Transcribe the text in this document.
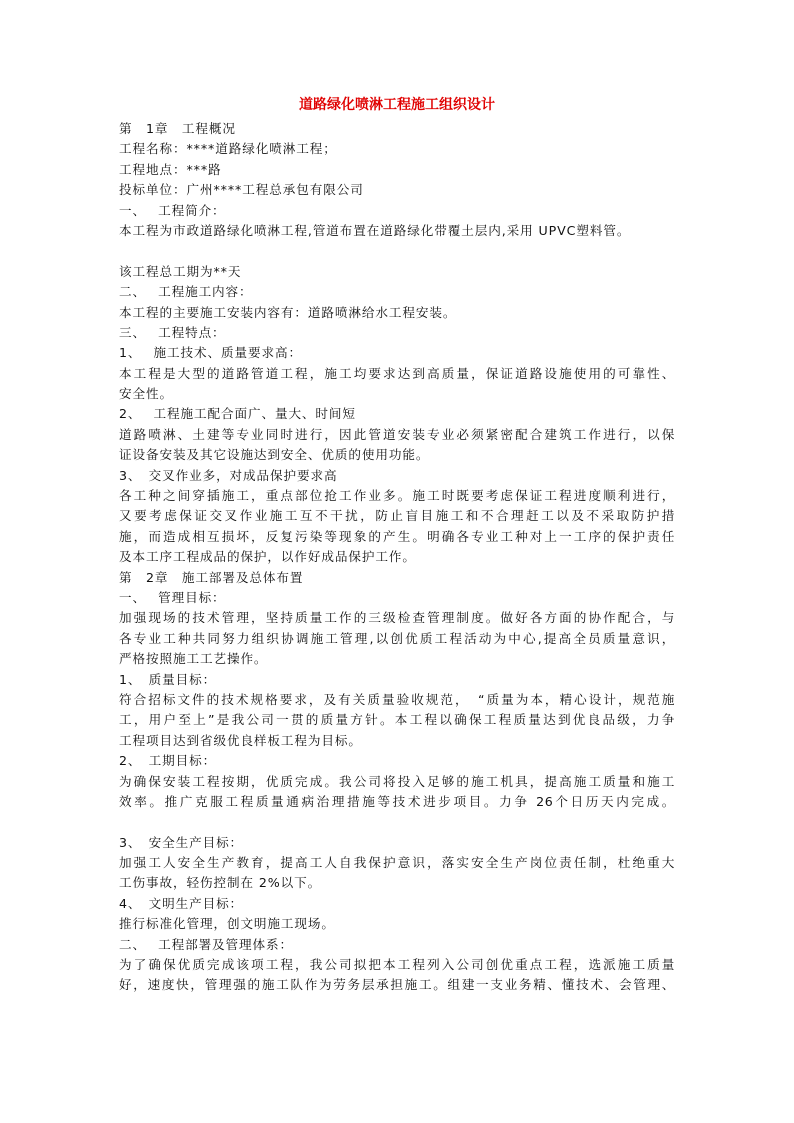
道路绿化喷淋工程施工组织设计
第　1章　工程概况
工程名称：****道路绿化喷淋工程；
工程地点：***路
投标单位：广州****工程总承包有限公司
一、　 工程简介：
本工程为市政道路绿化喷淋工程,管道布置在道路绿化带覆土层内,采用 UPVC塑料管。
该工程总工期为**天
二、　 工程施工内容：
本工程的主要施工安装内容有：道路喷淋给水工程安装。
三、　 工程特点：
1、　 施工技术、质量要求高：
本工程是大型的道路管道工程，施工均要求达到高质量，保证道路设施使用的可靠性、
安全性。
2、　 工程施工配合面广、量大、时间短
道路喷淋、土建等专业同时进行，因此管道安装专业必须紧密配合建筑工作进行，以保
证设备安装及其它设施达到安全、优质的使用功能。
3、　交叉作业多，对成品保护要求高
各工种之间穿插施工，重点部位抢工作业多。施工时既要考虑保证工程进度顺利进行，
又要考虑保证交叉作业施工互不干扰，防止盲目施工和不合理赶工以及不采取防护措
施，而造成相互损坏，反复污染等现象的产生。明确各专业工种对上一工序的保护责任
及本工序工程成品的保护，以作好成品保护工作。
第　2章　施工部署及总体布置
一、　 管理目标：
加强现场的技术管理，坚持质量工作的三级检查管理制度。做好各方面的协作配合，与
各专业工种共同努力组织协调施工管理,以创优质工程活动为中心,提高全员质量意识，
严格按照施工工艺操作。
1、　质量目标：
符合招标文件的技术规格要求，及有关质量验收规范，　“质量为本，精心设计，规范施
工，用户至上”是我公司一贯的质量方针。本工程以确保工程质量达到优良品级，力争
工程项目达到省级优良样板工程为目标。
2、　工期目标：
为确保安装工程按期，优质完成。我公司将投入足够的施工机具，提高施工质量和施工
效率。推广克服工程质量通病治理措施等技术进步项目。力争 26个日历天内完成。
3、　安全生产目标：
加强工人安全生产教育，提高工人自我保护意识，落实安全生产岗位责任制，杜绝重大
工伤事故，轻伤控制在 2%以下。
4、　文明生产目标：
推行标准化管理，创文明施工现场。
二、　 工程部署及管理体系：
为了确保优质完成该项工程，我公司拟把本工程列入公司创优重点工程，选派施工质量
好，速度快，管理强的施工队作为劳务层承担施工。组建一支业务精、懂技术、会管理、
